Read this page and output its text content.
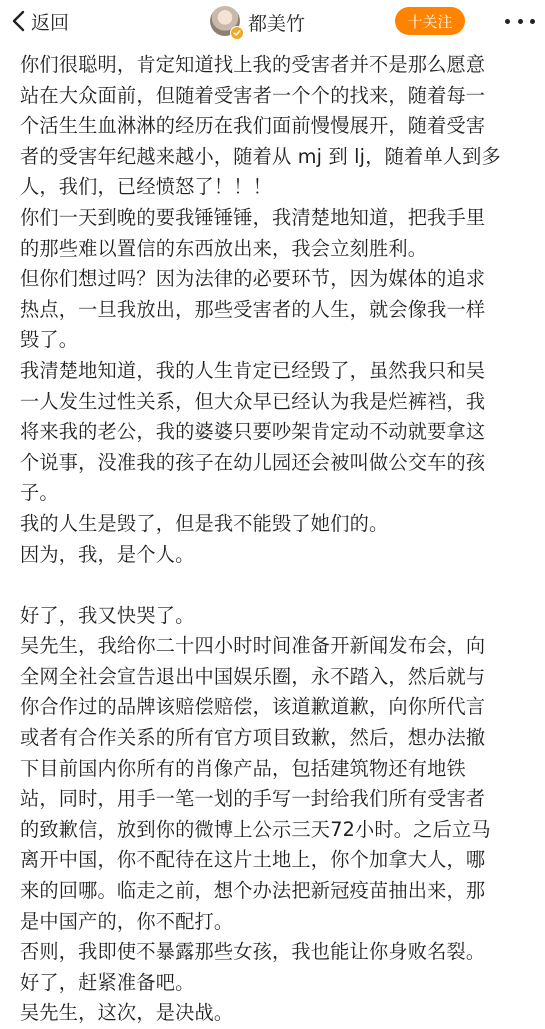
返回	都美竹	十关注

你们很聪明，肯定知道找上我的受害者并不是那么愿意

站在大众面前，但随着受害者一个个的找来，随着每一

个活生生血淋淋的经历在我们面前慢慢展开，随着受害

者的受害年纪越来越小，随着从 mj 到 lj，随着单人到多

人，我们，已经愤怒了！！！

你们一天到晚的要我锤锤锤，我清楚地知道，把我手里

的那些难以置信的东西放出来，我会立刻胜利。

但你们想过吗？因为法律的必要环节，因为媒体的追求

热点，一旦我放出，那些受害者的人生，就会像我一样

毁了。

我清楚地知道，我的人生肯定已经毁了，虽然我只和吴

一人发生过性关系，但大众早已经认为我是烂裤裆，我

将来我的老公，我的婆婆只要吵架肯定动不动就要拿这

个说事，没准我的孩子在幼儿园还会被叫做公交车的孩

子。

我的人生是毁了，但是我不能毁了她们的。

因为，我，是个人。

好了，我又快哭了。

吴先生，我给你二十四小时时间准备开新闻发布会，向

全网全社会宣告退出中国娱乐圈，永不踏入，然后就与

你合作过的品牌该赔偿赔偿，该道歉道歉，向你所代言

或者有合作关系的所有官方项目致歉，然后，想办法撤

下目前国内你所有的肖像产品，包括建筑物还有地铁

站，同时，用手一笔一划的手写一封给我们所有受害者

的致歉信，放到你的微博上公示三天72小时。之后立马

离开中国，你不配待在这片土地上，你个加拿大人，哪

来的回哪。临走之前，想个办法把新冠疫苗抽出来，那

是中国产的，你不配打。

否则，我即使不暴露那些女孩，我也能让你身败名裂。

好了，赶紧准备吧。

吴先生，这次，是决战。
